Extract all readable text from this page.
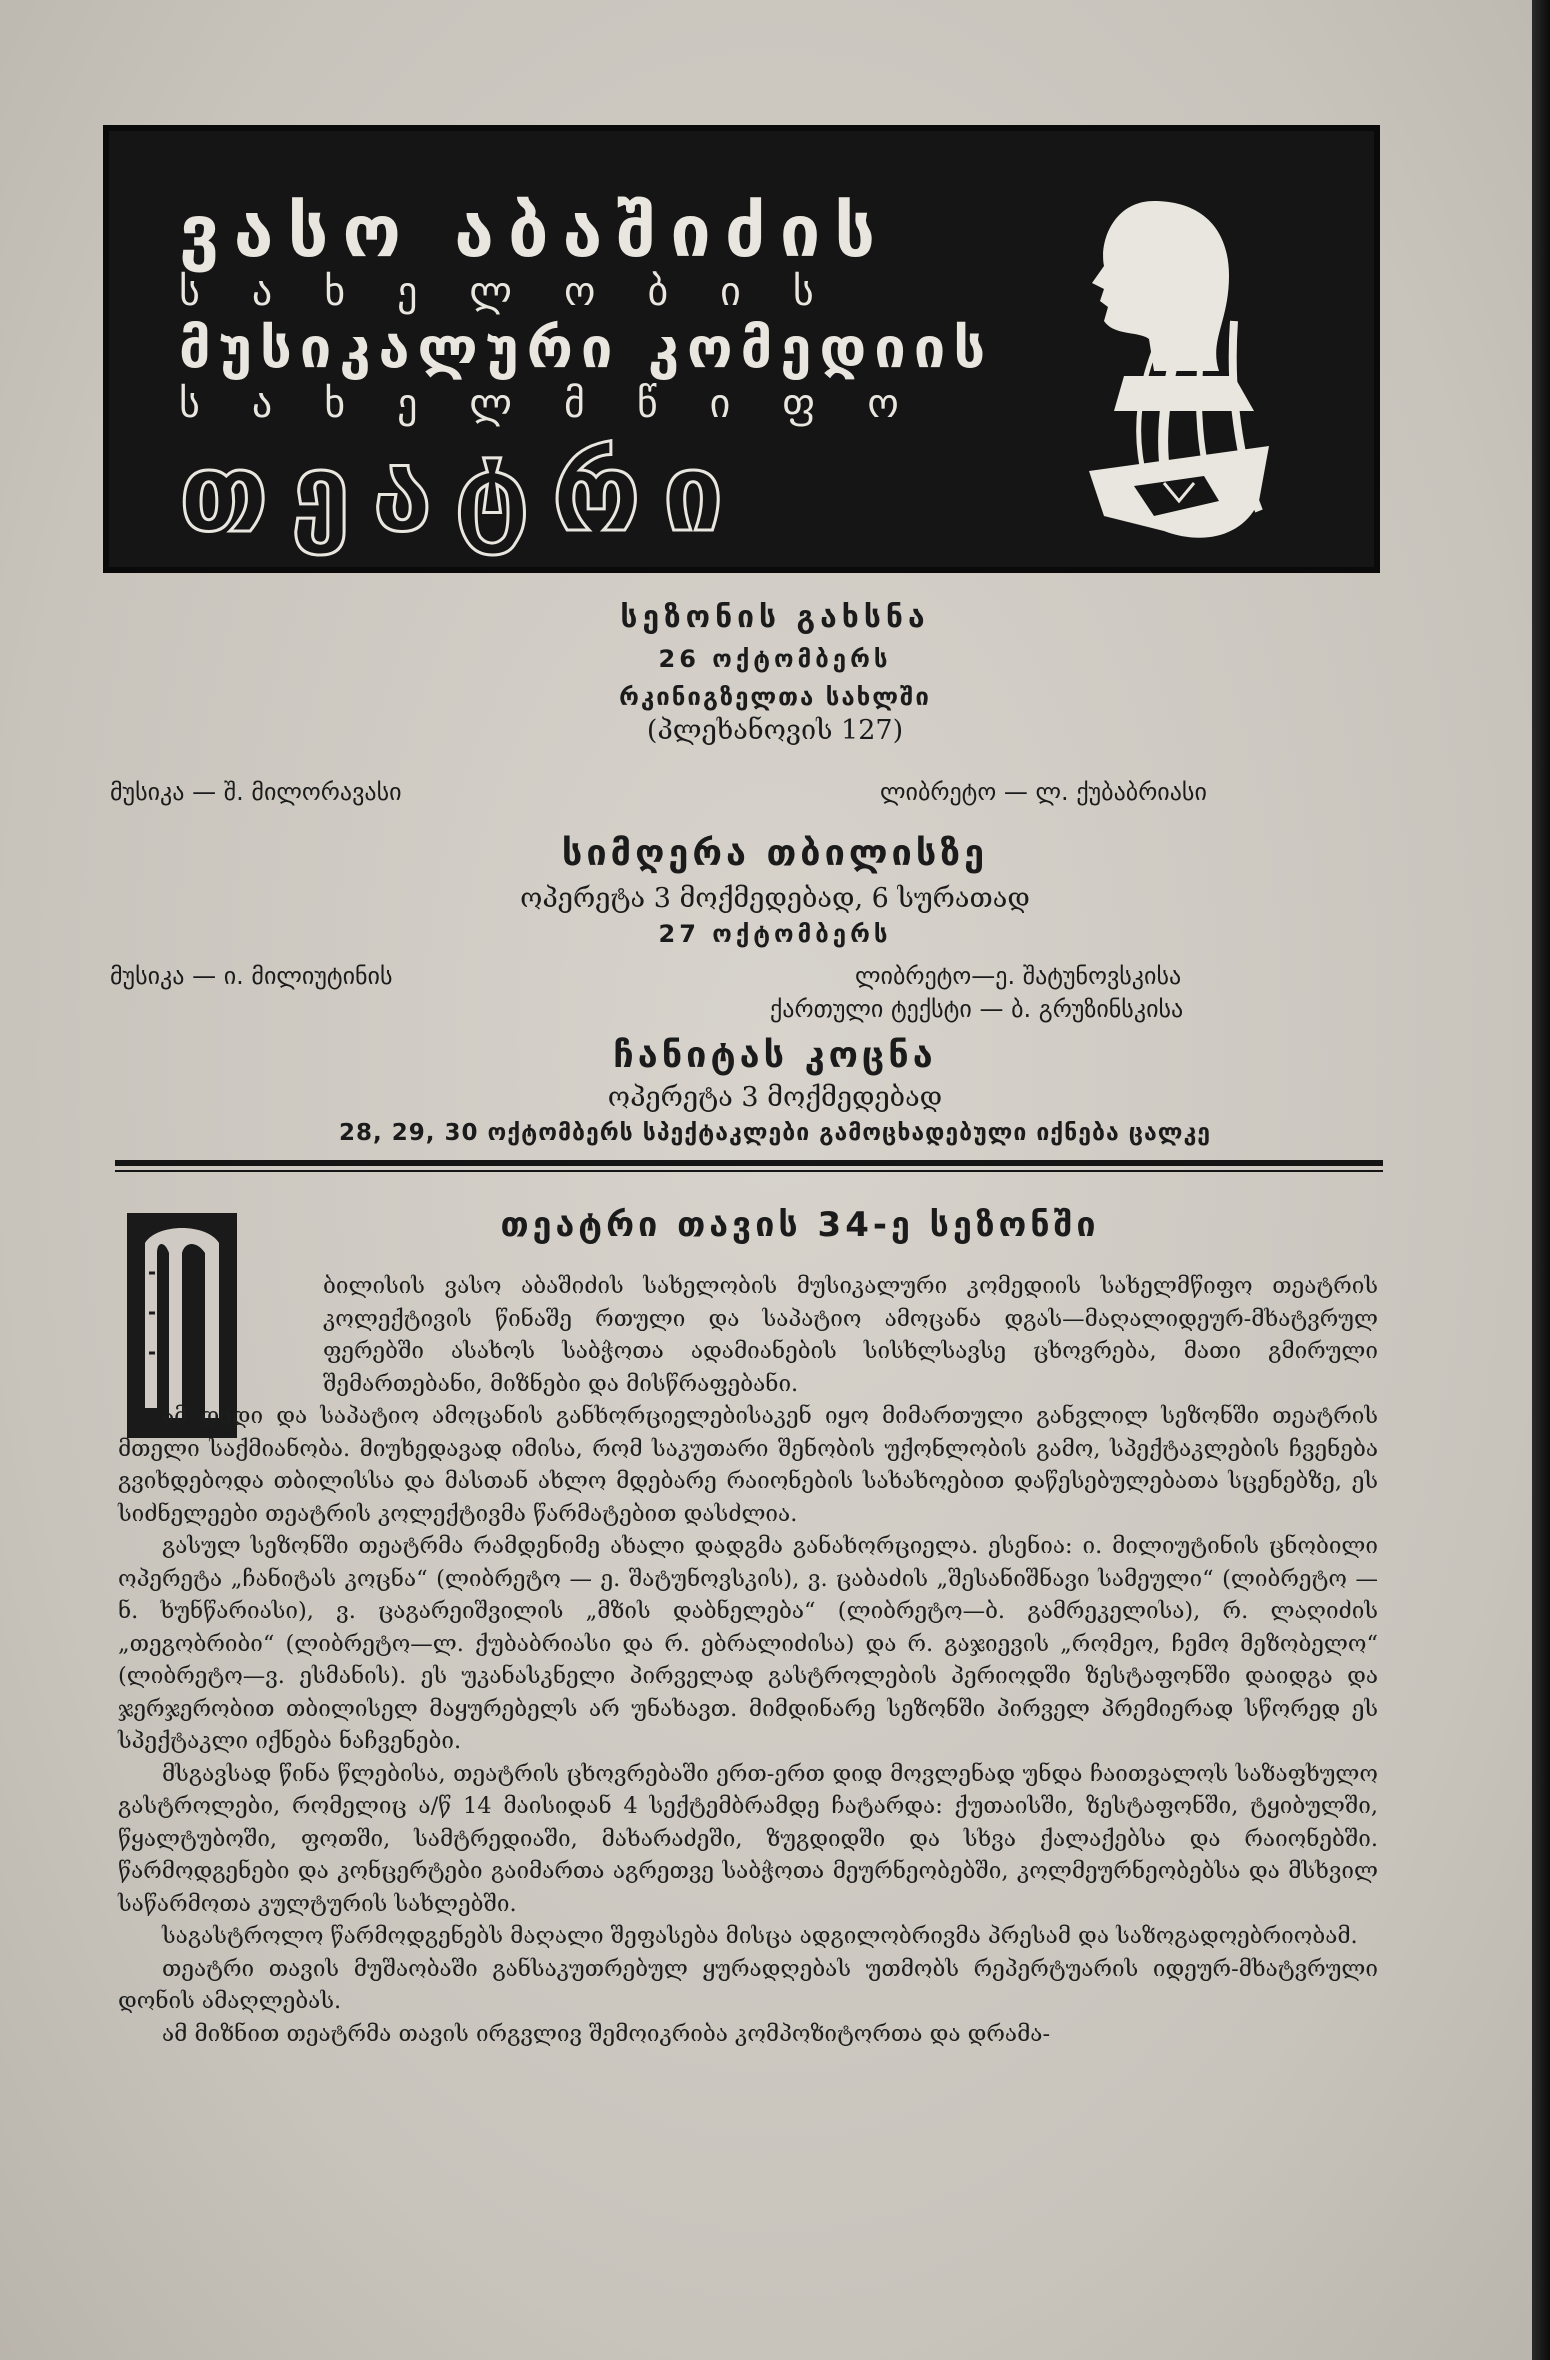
ვასო აბაშიძის
სახელობის
მუსიკალური კომედიის
სახელმწიფო
თეატრი
სეზონის გახსნა
26 ოქტომბერს
რკინიგზელთა სახლში
(პლეხანოვის 127)
მუსიკა — შ. მილორავასი	ლიბრეტო — ლ. ქუბაბრიასი
სიმღერა თბილისზე
ოპერეტა 3 მოქმედებად, 6 სურათად
27 ოქტომბერს
მუსიკა — ი. მილიუტინის	ლიბრეტო—ე. შატუნოვსკისა
ქართული ტექსტი — ბ. გრუზინსკისა
ჩანიტას კოცნა
ოპერეტა 3 მოქმედებად
28, 29, 30 ოქტომბერს სპექტაკლები გამოცხადებული იქნება ცალკე
თეატრი თავის 34-ე სეზონში

ბილისის ვასო აბაშიძის სახელობის მუსიკალური კომედიის სახელმწიფო თეატრის კოლექტივის წინაშე რთული და საპატიო ამოცანა დგას—მაღალიდეურ-მხატვრულ ფერებში ასახოს საბჭოთა ადამიანების სისხლსავსე ცხოვრება, მათი გმირული შემართებანი, მიზნები და მისწრაფებანი.

ამ დიდი და საპატიო ამოცანის განხორციელებისაკენ იყო მიმართული განვლილ სეზონში თეატრის მთელი საქმიანობა. მიუხედავად იმისა, რომ საკუთარი შენობის უქონლობის გამო, სპექტაკლების ჩვენება გვიხდებოდა თბილისსა და მასთან ახლო მდებარე რაიონების სახახოებით დაწესებულებათა სცენებზე, ეს სიძნელეები თეატრის კოლექტივმა წარმატებით დასძლია.

გასულ სეზონში თეატრმა რამდენიმე ახალი დადგმა განახორციელა. ესენია: ი. მილიუტინის ცნობილი ოპერეტა „ჩანიტას კოცნა“ (ლიბრეტო — ე. შატუნოვსკის), ვ. ცაბაძის „შესანიშნავი სამეული“ (ლიბრეტო — ნ. ხუნწარიასი), ვ. ცაგარეიშვილის „მზის დაბნელება“ (ლიბრეტო—ბ. გამრეკელისა), რ. ლაღიძის „თეგობრიბი“ (ლიბრეტო—ლ. ქუბაბრიასი და რ. ებრალიძისა) და რ. გაჯიევის „რომეო, ჩემო მეზობელო“ (ლიბრეტო—ვ. ესმანის). ეს უკანასკნელი პირველად გასტროლების პერიოდში ზესტაფონში დაიდგა და ჯერჯერობით თბილისელ მაყურებელს არ უნახავთ. მიმდინარე სეზონში პირველ პრემიერად სწორედ ეს სპექტაკლი იქნება ნაჩვენები.

მსგავსად წინა წლებისა, თეატრის ცხოვრებაში ერთ-ერთ დიდ მოვლენად უნდა ჩაითვალოს საზაფხულო გასტროლები, რომელიც ა/წ 14 მაისიდან 4 სექტემბრამდე ჩატარდა: ქუთაისში, ზესტაფონში, ტყიბულში, წყალტუბოში, ფოთში, სამტრედიაში, მახარაძეში, ზუგდიდში და სხვა ქალაქებსა და რაიონებში. წარმოდგენები და კონცერტები გაიმართა აგრეთვე საბჭოთა მეურნეობებში, კოლმეურნეობებსა და მსხვილ საწარმოთა კულტურის სახლებში.

საგასტროლო წარმოდგენებს მაღალი შეფასება მისცა ადგილობრივმა პრესამ და საზოგადოებრიობამ.

თეატრი თავის მუშაობაში განსაკუთრებულ ყურადღებას უთმობს რეპერტუარის იდეურ-მხატვრული დონის ამაღლებას.

ამ მიზნით თეატრმა თავის ირგვლივ შემოიკრიბა კომპოზიტორთა და დრამა-
